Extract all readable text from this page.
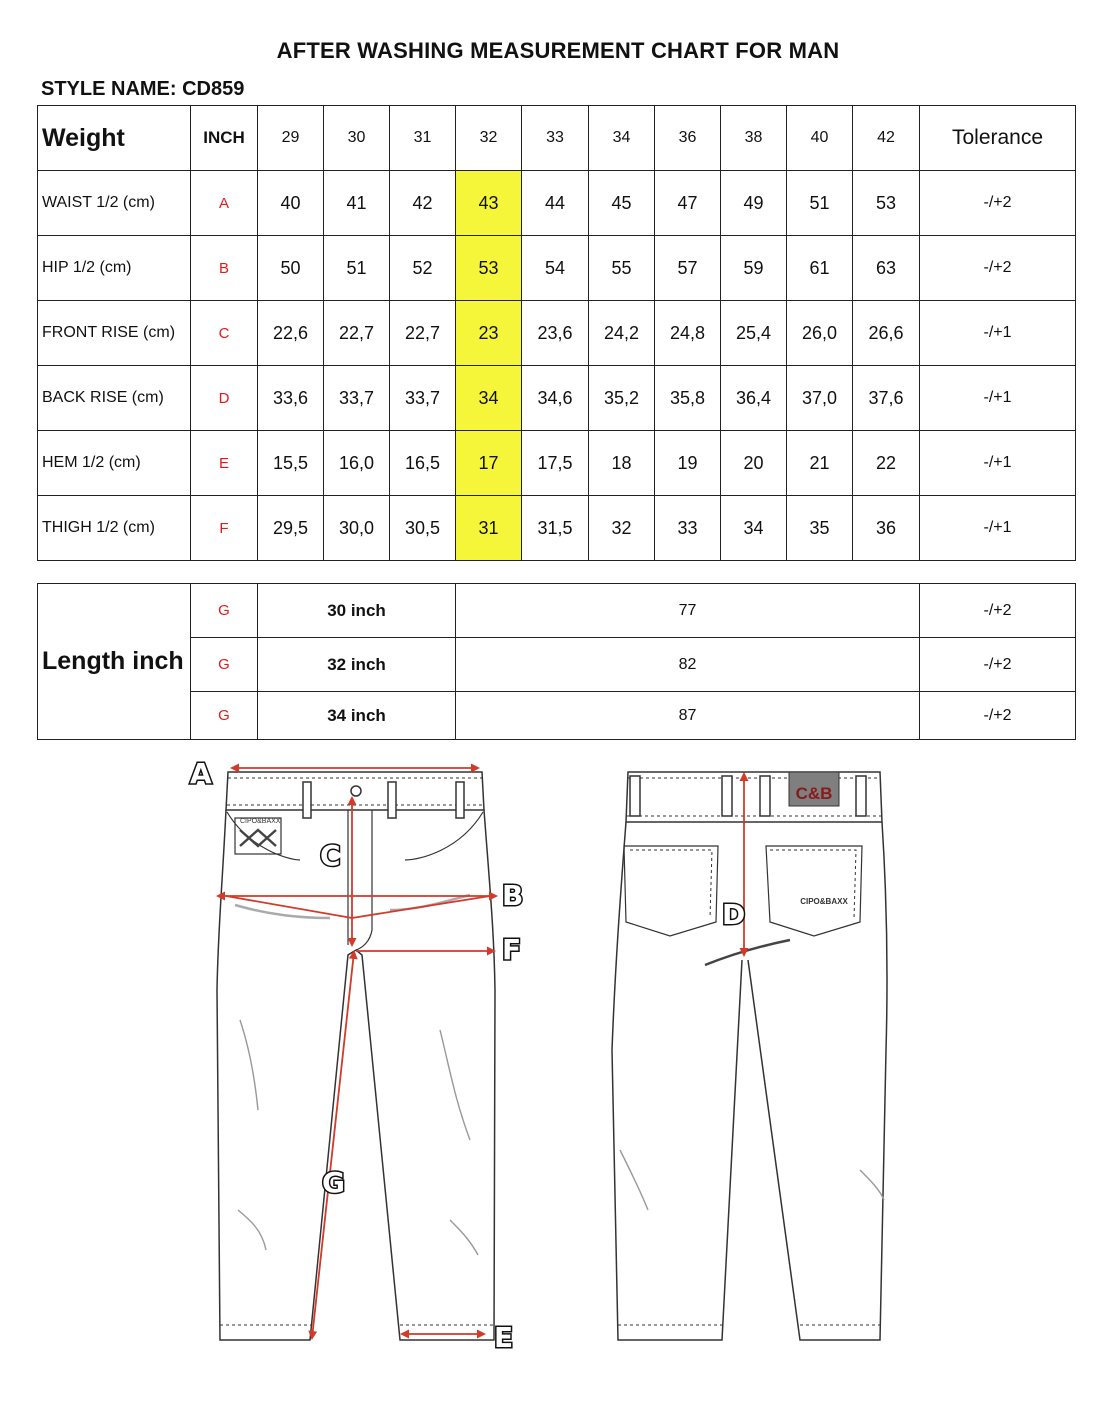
AFTER WASHING MEASUREMENT CHART FOR MAN
STYLE NAME: CD859
Weight	INCH	29	30	31	32	33	34	36	38	40	42	Tolerance
WAIST 1/2 (cm)	A	40	41	42	43	44	45	47	49	51	53	-/+2
HIP 1/2 (cm)	B	50	51	52	53	54	55	57	59	61	63	-/+2
FRONT RISE (cm)	C	22,6	22,7	22,7	23	23,6	24,2	24,8	25,4	26,0	26,6	-/+1
BACK RISE (cm)	D	33,6	33,7	33,7	34	34,6	35,2	35,8	36,4	37,0	37,6	-/+1
HEM 1/2 (cm)	E	15,5	16,0	16,5	17	17,5	18	19	20	21	22	-/+1
THIGH 1/2 (cm)	F	29,5	30,0	30,5	31	31,5	32	33	34	35	36	-/+1
Length inch	G	30 inch	77	-/+2
	G	32 inch	82	-/+2
	G	34 inch	87	-/+2
CIPO&BAXX
C&B
CIPO&BAXX
A
B
C
D
E
F
G
